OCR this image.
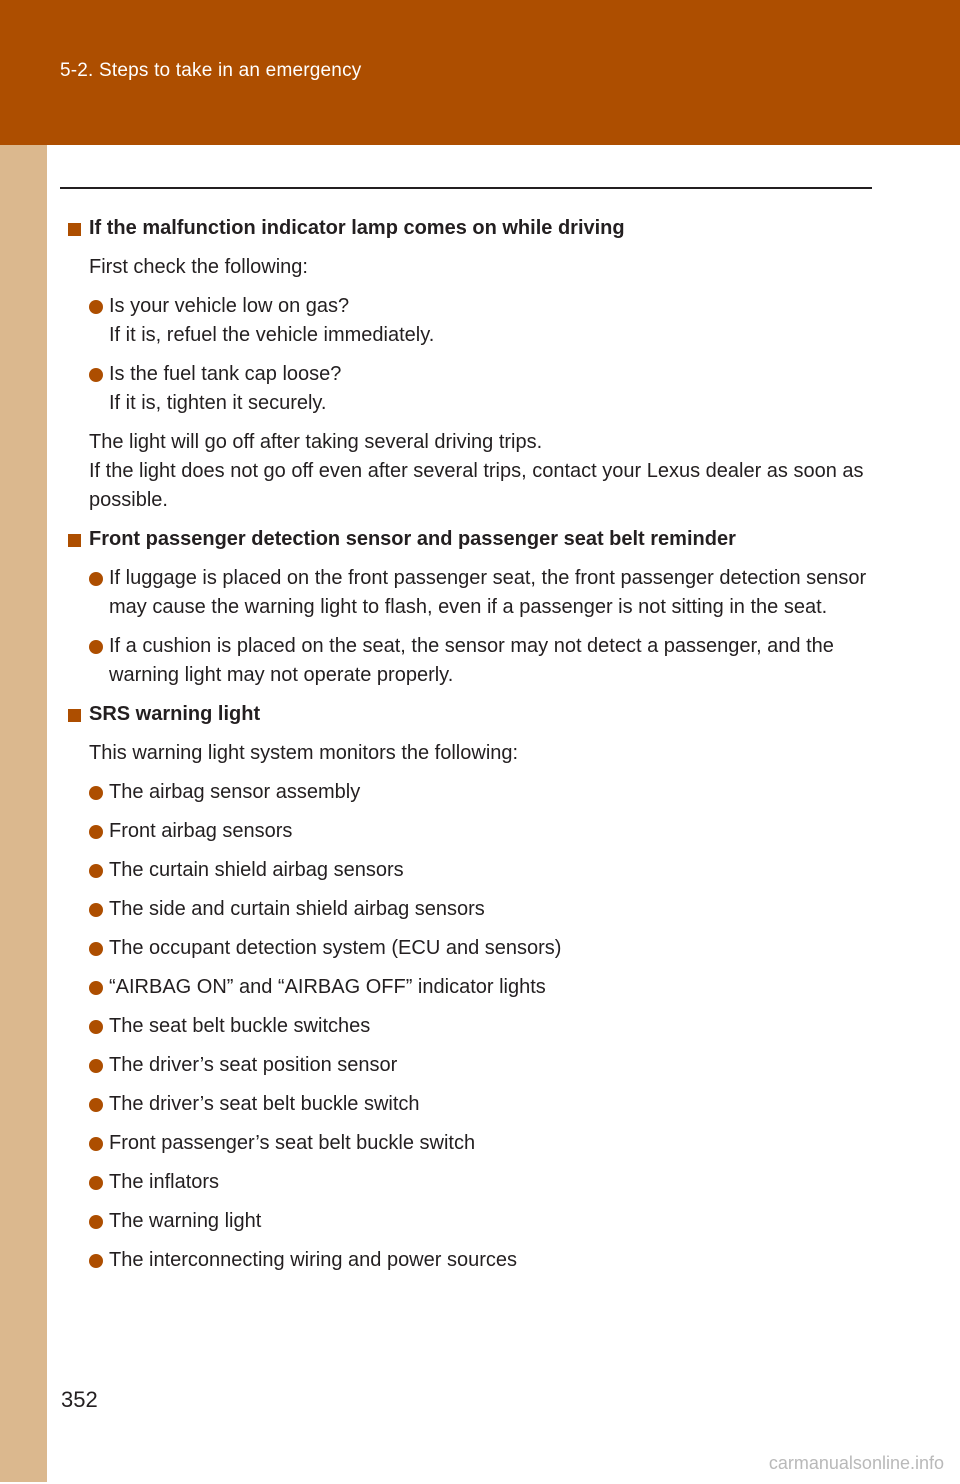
5-2. Steps to take in an emergency
If the malfunction indicator lamp comes on while driving
First check the following:
Is your vehicle low on gas?
If it is, refuel the vehicle immediately.
Is the fuel tank cap loose?
If it is, tighten it securely.
The light will go off after taking several driving trips.
If the light does not go off even after several trips, contact your Lexus dealer as soon as possible.
Front passenger detection sensor and passenger seat belt reminder
If luggage is placed on the front passenger seat, the front passenger detection sensor may cause the warning light to flash, even if a passenger is not sitting in the seat.
If a cushion is placed on the seat, the sensor may not detect a passenger, and the warning light may not operate properly.
SRS warning light
This warning light system monitors the following:
The airbag sensor assembly
Front airbag sensors
The curtain shield airbag sensors
The side and curtain shield airbag sensors
The occupant detection system (ECU and sensors)
“AIRBAG ON” and “AIRBAG OFF” indicator lights
The seat belt buckle switches
The driver’s seat position sensor
The driver’s seat belt buckle switch
Front passenger’s seat belt buckle switch
The inflators
The warning light
The interconnecting wiring and power sources
352
carmanualsonline.info
